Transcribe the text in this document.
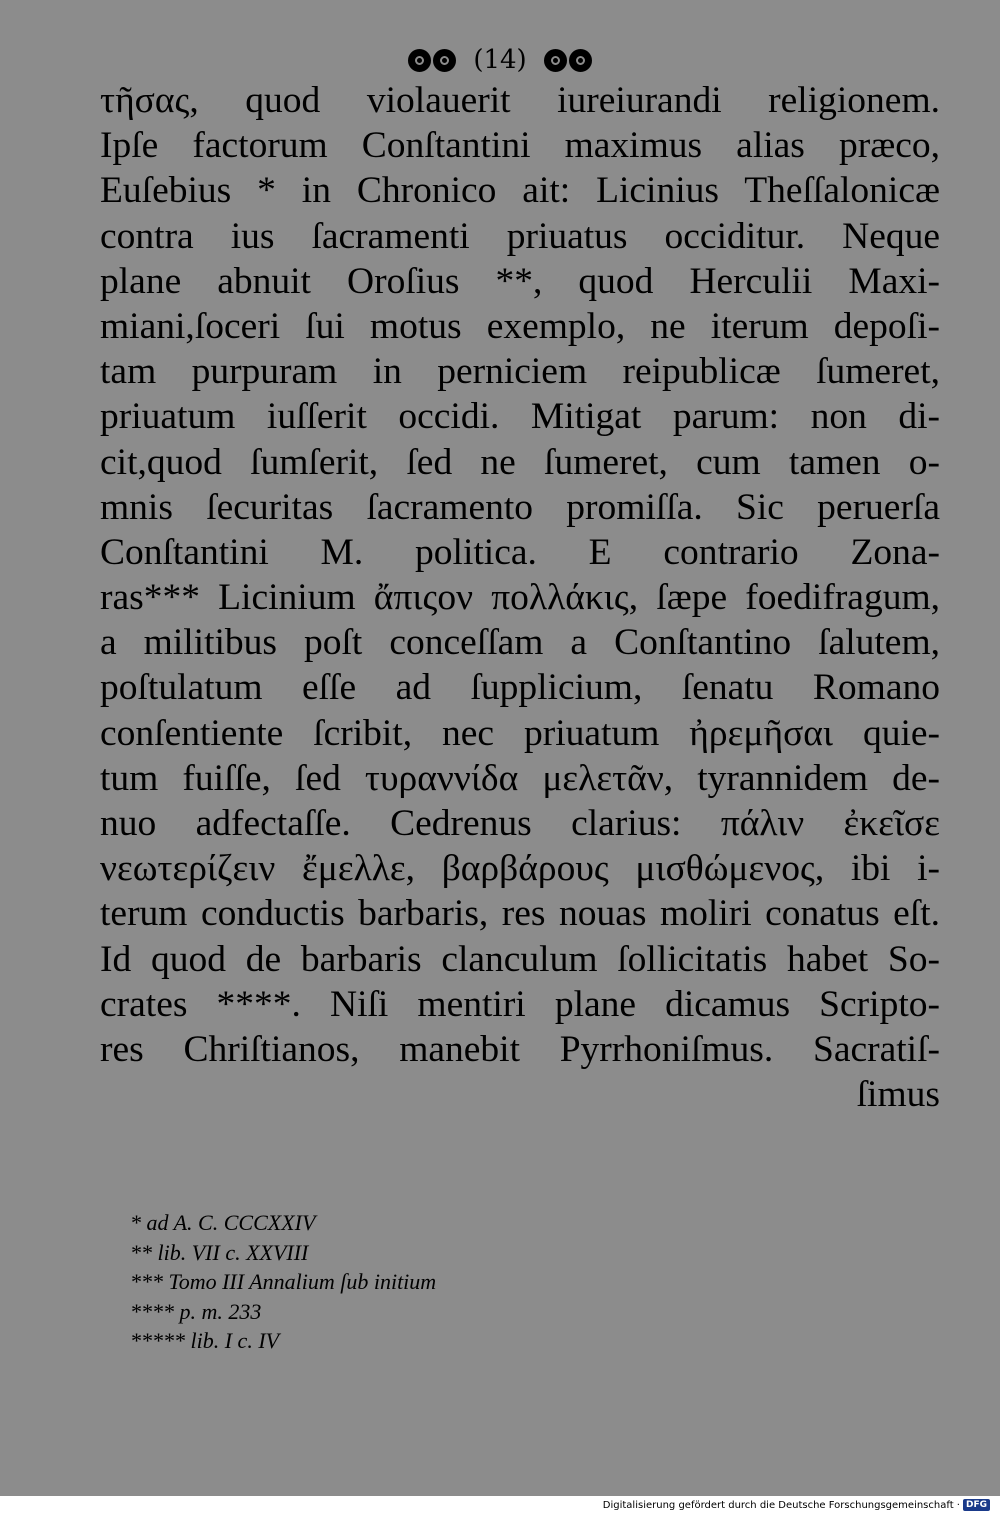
(14)
τῆσας, quod violauerit iureiurandi religionem.
Ipſe factorum Conſtantini maximus alias præco,
Euſebius * in Chronico ait: Licinius Theſſalonicæ
contra ius ſacramenti priuatus occiditur. Neque
plane abnuit Oroſius **, quod Herculii Maxi-
miani,ſoceri ſui motus exemplo, ne iterum depoſi-
tam purpuram in perniciem reipublicæ ſumeret,
priuatum iuſſerit occidi. Mitigat parum: non di-
cit,quod ſumſerit, ſed ne ſumeret, cum tamen o-
mnis ſecuritas ſacramento promiſſa. Sic peruerſa
Conſtantini M. politica. E contrario Zona-
ras*** Licinium ἄπιςον πολλάκις, ſæpe foedifragum,
a militibus poſt conceſſam a Conſtantino ſalutem,
poſtulatum eſſe ad ſupplicium, ſenatu Romano
conſentiente ſcribit, nec priuatum ἠρεμῆσαι quie-
tum fuiſſe, ſed τυραννίδα μελετᾶν, tyrannidem de-
nuo adfectaſſe. Cedrenus clarius: πάλιν ἐκεῖσε
νεωτερίζειν ἔμελλε, βαρβάρους μισθώμενος, ibi i-
terum conductis barbaris, res nouas moliri conatus eſt.
Id quod de barbaris clanculum ſollicitatis habet So-
crates ****. Niſi mentiri plane dicamus Scripto-
res Chriſtianos, manebit Pyrrhoniſmus. Sacratiſ-
ſimus
* ad A. C. CCCXXIV
** lib. VII c. XXVIII
*** Tomo III Annalium ſub initium
**** p. m. 233
***** lib. I c. IV
Digitalisierung gefördert durch die Deutsche Forschungsgemeinschaft · DFG
